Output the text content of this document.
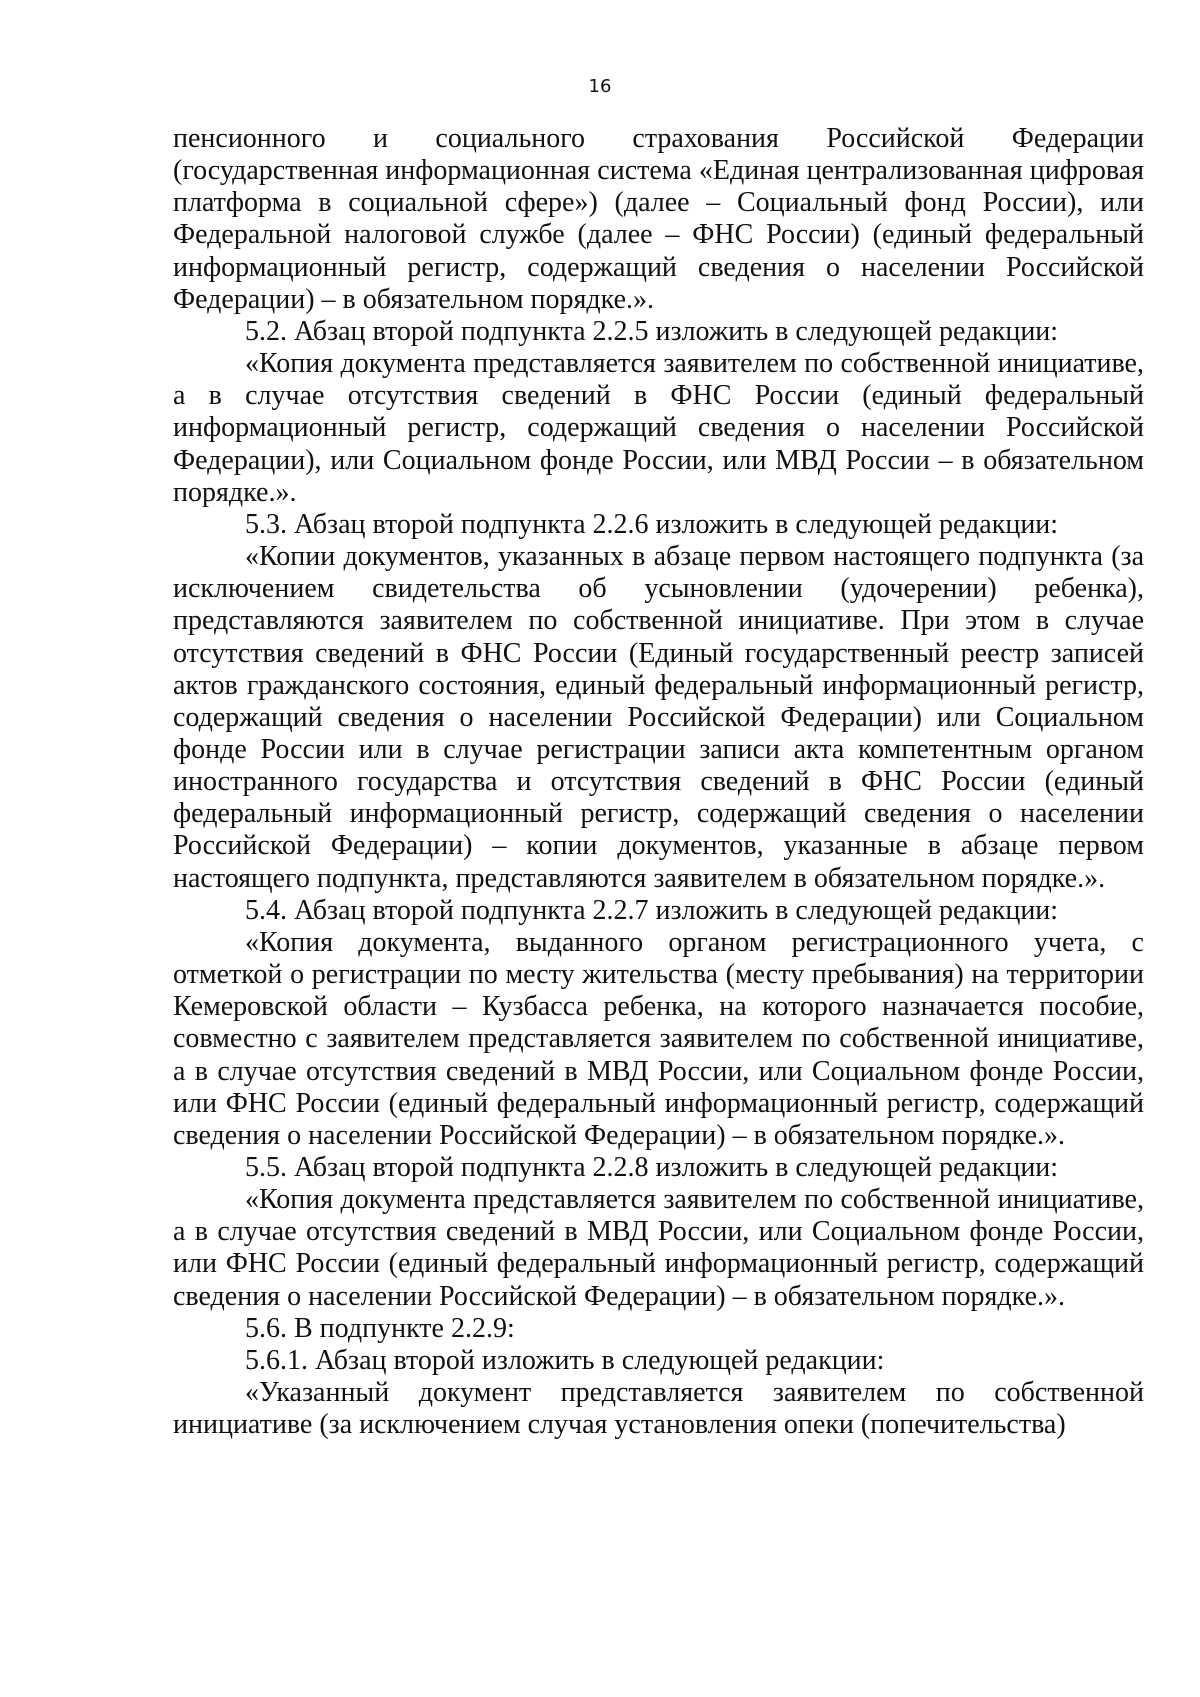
16

пенсионного и социального страхования Российской Федерации (государственная информационная система «Единая централизованная цифровая платформа в социальной сфере») (далее – Социальный фонд России), или Федеральной налоговой службе (далее – ФНС России) (единый федеральный информационный регистр, содержащий сведения о населении Российской Федерации) – в обязательном порядке.».

5.2. Абзац второй подпункта 2.2.5 изложить в следующей редакции:

«Копия документа представляется заявителем по собственной инициативе, а в случае отсутствия сведений в ФНС России (единый федеральный информационный регистр, содержащий сведения о населении Российской Федерации), или Социальном фонде России, или МВД России – в обязательном порядке.».

5.3. Абзац второй подпункта 2.2.6 изложить в следующей редакции:

«Копии документов, указанных в абзаце первом настоящего подпункта (за исключением свидетельства об усыновлении (удочерении) ребенка), представляются заявителем по собственной инициативе. При этом в случае отсутствия сведений в ФНС России (Единый государственный реестр записей актов гражданского состояния, единый федеральный информационный регистр, содержащий сведения о населении Российской Федерации) или Социальном фонде России или в случае регистрации записи акта компетентным органом иностранного государства и отсутствия сведений в ФНС России (единый федеральный информационный регистр, содержащий сведения о населении Российской Федерации) – копии документов, указанные в абзаце первом настоящего подпункта, представляются заявителем в обязательном порядке.».

5.4. Абзац второй подпункта 2.2.7 изложить в следующей редакции:

«Копия документа, выданного органом регистрационного учета, с отметкой о регистрации по месту жительства (месту пребывания) на территории Кемеровской области – Кузбасса ребенка, на которого назначается пособие, совместно с заявителем представляется заявителем по собственной инициативе, а в случае отсутствия сведений в МВД России, или Социальном фонде России, или ФНС России (единый федеральный информационный регистр, содержащий сведения о населении Российской Федерации) – в обязательном порядке.».

5.5. Абзац второй подпункта 2.2.8 изложить в следующей редакции:

«Копия документа представляется заявителем по собственной инициативе, а в случае отсутствия сведений в МВД России, или Социальном фонде России, или ФНС России (единый федеральный информационный регистр, содержащий сведения о населении Российской Федерации) – в обязательном порядке.».

5.6. В подпункте 2.2.9:

5.6.1. Абзац второй изложить в следующей редакции:

«Указанный документ представляется заявителем по собственной инициативе (за исключением случая установления опеки (попечительства)
